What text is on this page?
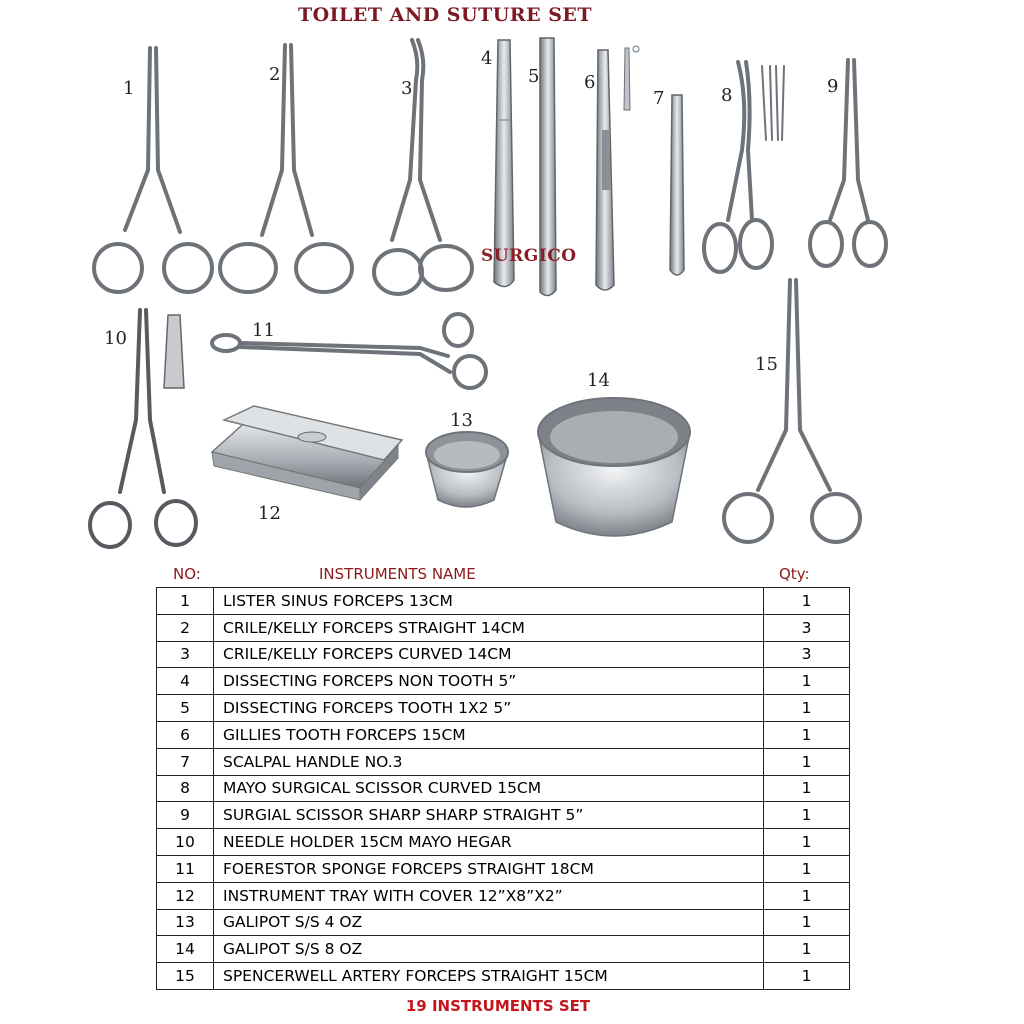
TOILET AND SUTURE SET
SURGICO
1
2
3
4
5 6
7	8	9
10	11
12
13
14
15
NO:	INSTRUMENTS NAME	Qty:
1	LISTER SINUS FORCEPS 13CM	1
2	CRILE/KELLY FORCEPS STRAIGHT 14CM	3
3	CRILE/KELLY FORCEPS CURVED 14CM	3
4	DISSECTING FORCEPS NON TOOTH 5”	1
5	DISSECTING FORCEPS TOOTH 1X2 5”	1
6	GILLIES TOOTH FORCEPS 15CM	1
7	SCALPAL HANDLE NO.3	1
8	MAYO SURGICAL SCISSOR CURVED 15CM	1
9	SURGIAL SCISSOR SHARP SHARP STRAIGHT 5”	1
10	NEEDLE HOLDER 15CM MAYO HEGAR	1
11	FOERESTOR SPONGE FORCEPS STRAIGHT 18CM	1
12	INSTRUMENT TRAY WITH COVER 12”X8”X2”	1
13	GALIPOT S/S 4 OZ	1
14	GALIPOT S/S 8 OZ	1
15	SPENCERWELL ARTERY FORCEPS STRAIGHT 15CM	1
19 INSTRUMENTS SET
